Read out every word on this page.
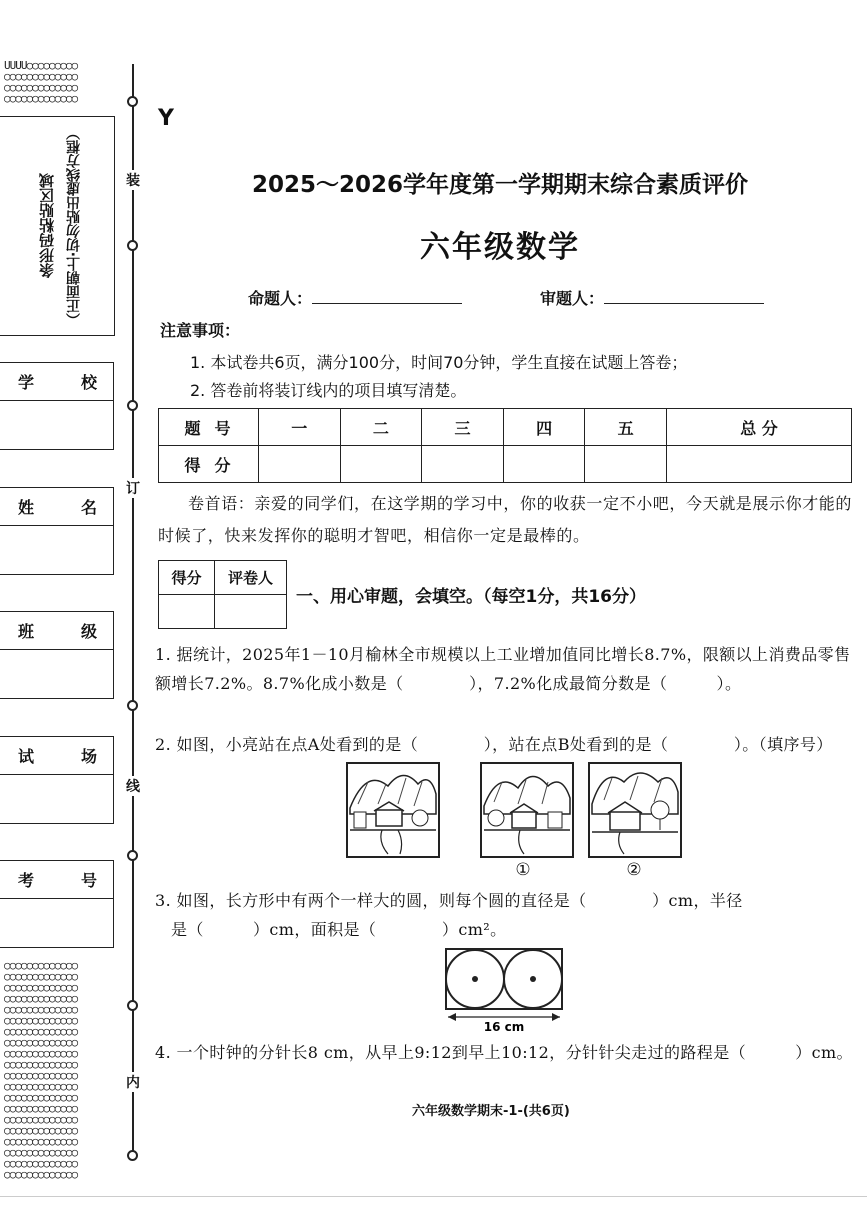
UUUU○○○○○○○○○
○○○○○○○○○○○○○
○○○○○○○○○○○○○
○○○○○○○○○○○○○
条形码粘贴区域 （正面朝上·切勿贴出虚线方框）
学	校
姓	名
班	级
试	场
考	号
○○○○○○○○○○○○○
○○○○○○○○○○○○○
○○○○○○○○○○○○○
○○○○○○○○○○○○○
○○○○○○○○○○○○○
○○○○○○○○○○○○○
○○○○○○○○○○○○○
○○○○○○○○○○○○○
○○○○○○○○○○○○○
○○○○○○○○○○○○○
○○○○○○○○○○○○○
○○○○○○○○○○○○○
○○○○○○○○○○○○○
○○○○○○○○○○○○○
○○○○○○○○○○○○○
○○○○○○○○○○○○○
○○○○○○○○○○○○○
○○○○○○○○○○○○○
○○○○○○○○○○○○○
○○○○○○○○○○○○○
装
订
线
内
Y
2025～2026学年度第一学期期末综合素质评价
六年级数学
命题人：	审题人：
注意事项：
1. 本试卷共6页，满分100分，时间70分钟，学生直接在试题上答卷；
2. 答卷前将装订线内的项目填写清楚。
题号	一	二	三	四	五	总 分
得分						
卷首语：亲爱的同学们，在这学期的学习中，你的收获一定不小吧，今天就是展示你才能的时候了，快来发挥你的聪明才智吧，相信你一定是最棒的。
得分	评卷人

一、用心审题，会填空。（每空1分，共16分）
1. 据统计，2025年1－10月榆林全市规模以上工业增加值同比增长8.7%，限额以上消费品零售额增长7.2%。8.7%化成小数是（　　　　），7.2%化成最简分数是（　　　）。
2. 如图，小亮站在点A处看到的是（　　　　），站在点B处看到的是（　　　　）。（填序号）
①	②
3. 如图，长方形中有两个一样大的圆，则每个圆的直径是（　　　　）cm，半径
是（　　　）cm，面积是（　　　　）cm²。
16 cm
4. 一个时钟的分针长8 cm，从早上9:12到早上10:12，分针针尖走过的路程是（　　　）cm。
六年级数学期末-1-(共6页)
